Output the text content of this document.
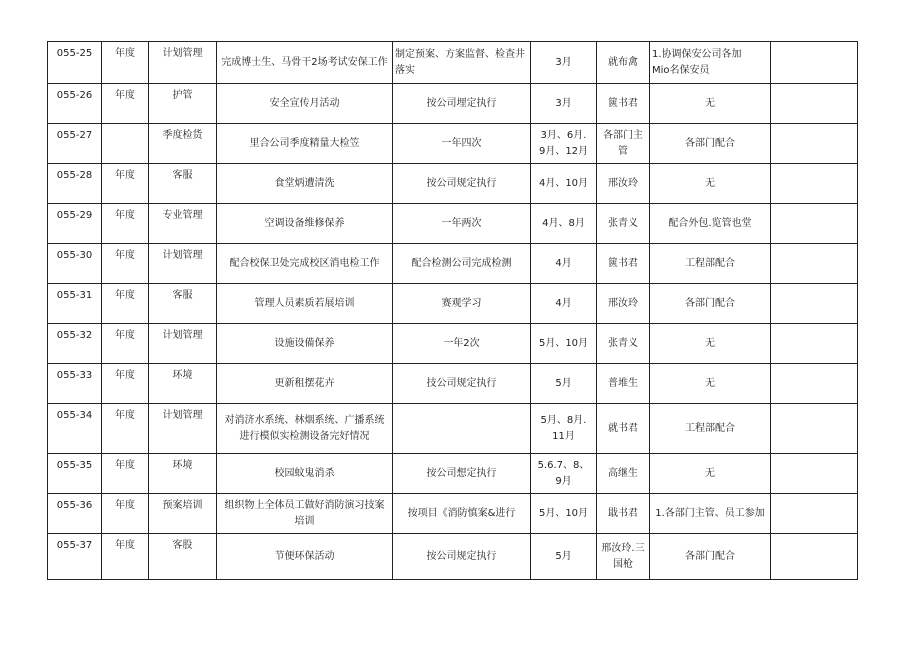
055-25	年度	计划管理	完成博士生、马骨干2场考试安保工作	制定预案、方案监督、检查井
落实	3月	就布禽	1.协调保安公司各加
Mio名保安员	

055-26	年度	护管	安全宣传月活动	按公司埋定执行	3月	篋书君	无	

055-27		季度检货	里合公司季度精量大检笠	一年四次	3月、6月.
9月、12月	各部门主
管	各部门配合	

055-28	年度	客服	食堂炳遭清洗	按公司规定执行	4月、10月	邢汝玲	无	

055-29	年度	专业管理	空调设备维修保养	一年两次	4月、8月	张青义	配合外包.览管也堂	

055-30	年度	计划管理	配合校保卫处完成校区消电检工作	配合检测公司完成检测	4月	篋书君	工程部配合	

055-31	年度	客服	管理人员素质若展培训	赛观学习	4月	邢汝玲	各部门配合	

055-32	年度	计划管理	设施设備保养	一年2次	5月、10月	张青义	无	

055-33	年度	环境	更新租摆花卉	技公司规定执行	5月	普堆生	无	

055-34	年度	计划管理	对消济水系统、林烟系统、广播系统
进行模似实检测设备完好情况		5月、8月.
11月	就书君	工程部配合	

055-35	年度	环境	校园蚊鬼消杀	按公司想定执行	5.6.7、8、
9月	高继生	无	

055-36	年度	预案培训	组织物上全体员工做好消防演习技案
培训	按项目《消防慎案&进行	5月、10月	戢书君	1.各部门主管、员工参加	

055-37	年度	客股	节便环保活动	按公司规定执行	5月	邢汝玲.三
国枪	各部门配合	
